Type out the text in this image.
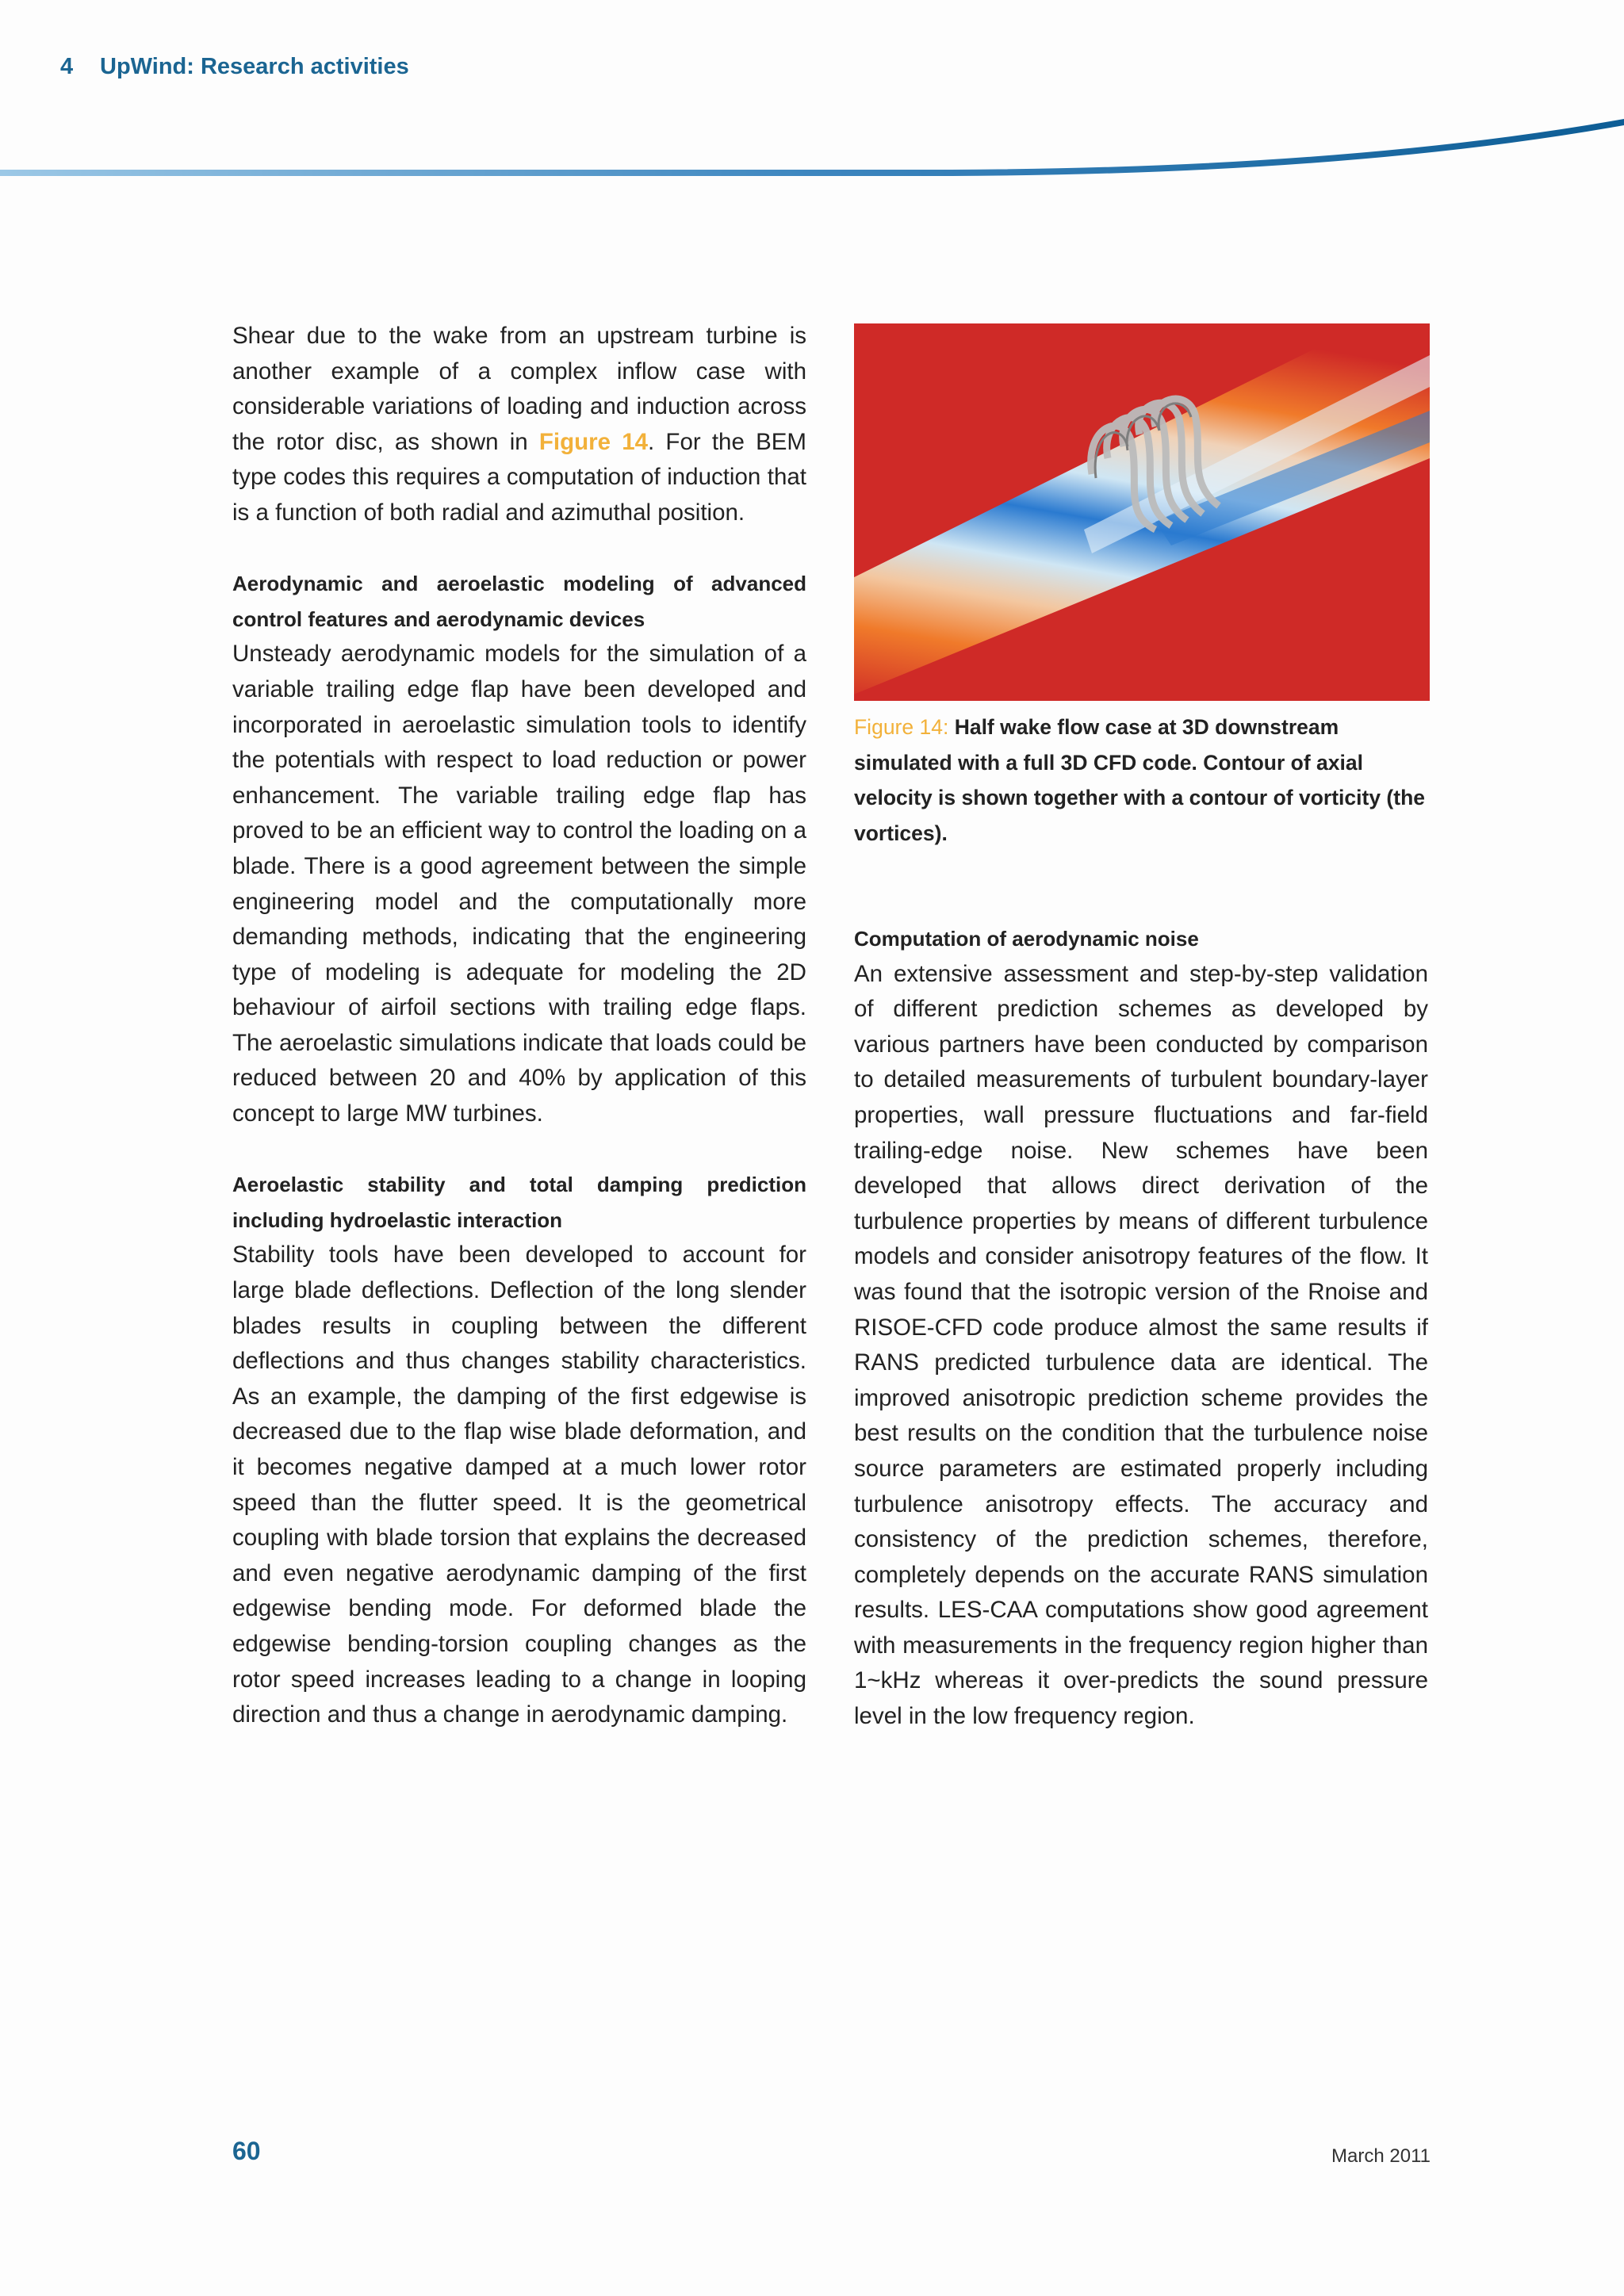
4 UpWind: Research activities

Shear due to the wake from an upstream turbine is another example of a complex inflow case with considerable variations of loading and induction across the rotor disc, as shown in Figure 14. For the BEM type codes this requires a computation of induction that is a function of both radial and azimuthal position.

Aerodynamic and aeroelastic modeling of advanced control features and aerodynamic devices

Unsteady aerodynamic models for the simulation of a variable trailing edge flap have been developed and incorporated in aeroelastic simulation tools to identify the potentials with respect to load reduction or power enhancement. The variable trailing edge flap has proved to be an efficient way to control the loading on a blade. There is a good agreement between the simple engineering model and the computationally more demanding methods, indicating that the engineering type of modeling is adequate for modeling the 2D behaviour of airfoil sections with trailing edge flaps. The aeroelastic simulations indicate that loads could be reduced between 20 and 40% by application of this concept to large MW turbines.

Aeroelastic stability and total damping prediction including hydroelastic interaction

Stability tools have been developed to account for large blade deflections. Deflection of the long slender blades results in coupling between the different deflections and thus changes stability characteristics. As an example, the damping of the first edgewise is decreased due to the flap wise blade deformation, and it becomes negative damped at a much lower rotor speed than the flutter speed. It is the geometrical coupling with blade torsion that explains the decreased and even negative aerodynamic damping of the first edgewise bending mode. For deformed blade the edgewise bending-torsion coupling changes as the rotor speed increases leading to a change in looping direction and thus a change in aerodynamic damping.

Figure 14: Half wake flow case at 3D downstream simulated with a full 3D CFD code. Contour of axial velocity is shown together with a contour of vorticity (the vortices).

Computation of aerodynamic noise

An extensive assessment and step-by-step validation of different prediction schemes as developed by various partners have been conducted by comparison to detailed measurements of turbulent boundary-layer properties, wall pressure fluctuations and far-field trailing-edge noise. New schemes have been developed that allows direct derivation of the turbulence properties by means of different turbulence models and consider anisotropy features of the flow. It was found that the isotropic version of the Rnoise and RISOE-CFD code produce almost the same results if RANS predicted turbulence data are identical. The improved anisotropic prediction scheme provides the best results on the condition that the turbulence noise source parameters are estimated properly including turbulence anisotropy effects. The accuracy and consistency of the prediction schemes, therefore, completely depends on the accurate RANS simulation results. LES-CAA computations show good agreement with measurements in the frequency region higher than 1~kHz whereas it over-predicts the sound pressure level in the low frequency region.

60	March 2011
